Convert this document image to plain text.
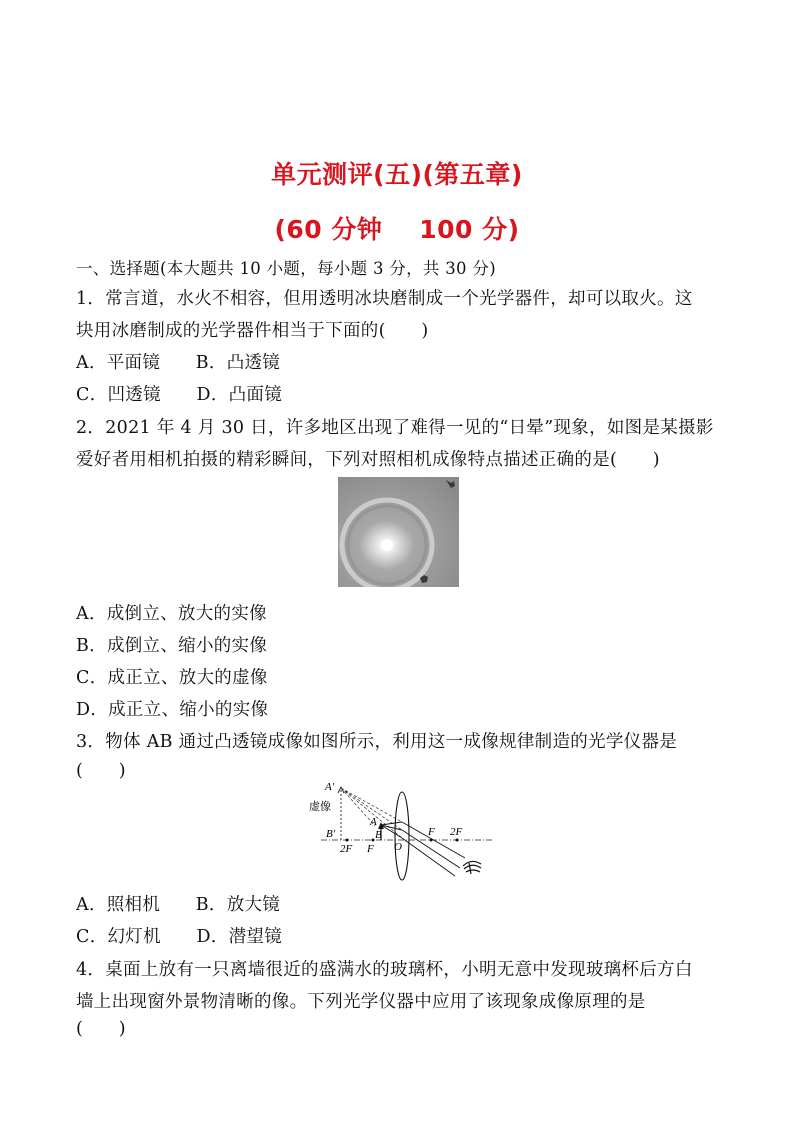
单元测评(五)(第五章)
(60 分钟    100 分)
一、选择题(本大题共 10 小题，每小题 3 分，共 30 分)
1．常言道，水火不相容，但用透明冰块磨制成一个光学器件，却可以取火。这
块用冰磨制成的光学器件相当于下面的(　　)
A．平面镜　　B．凸透镜
C．凹透镜　　D．凸面镜
2．2021 年 4 月 30 日，许多地区出现了难得一见的“日晕”现象，如图是某摄影
爱好者用相机拍摄的精彩瞬间，下列对照相机成像特点描述正确的是(　　)
A．成倒立、放大的实像
B．成倒立、缩小的实像
C．成正立、放大的虚像
D．成正立、缩小的实像
3．物体 AB 通过凸透镜成像如图所示，利用这一成像规律制造的光学仪器是
(　　)
A′
虚像
B′
A
B
2F F O
F 2F
A．照相机　　B．放大镜
C．幻灯机　　D．潜望镜
4．桌面上放有一只离墙很近的盛满水的玻璃杯，小明无意中发现玻璃杯后方白
墙上出现窗外景物清晰的像。下列光学仪器中应用了该现象成像原理的是
(　　)
